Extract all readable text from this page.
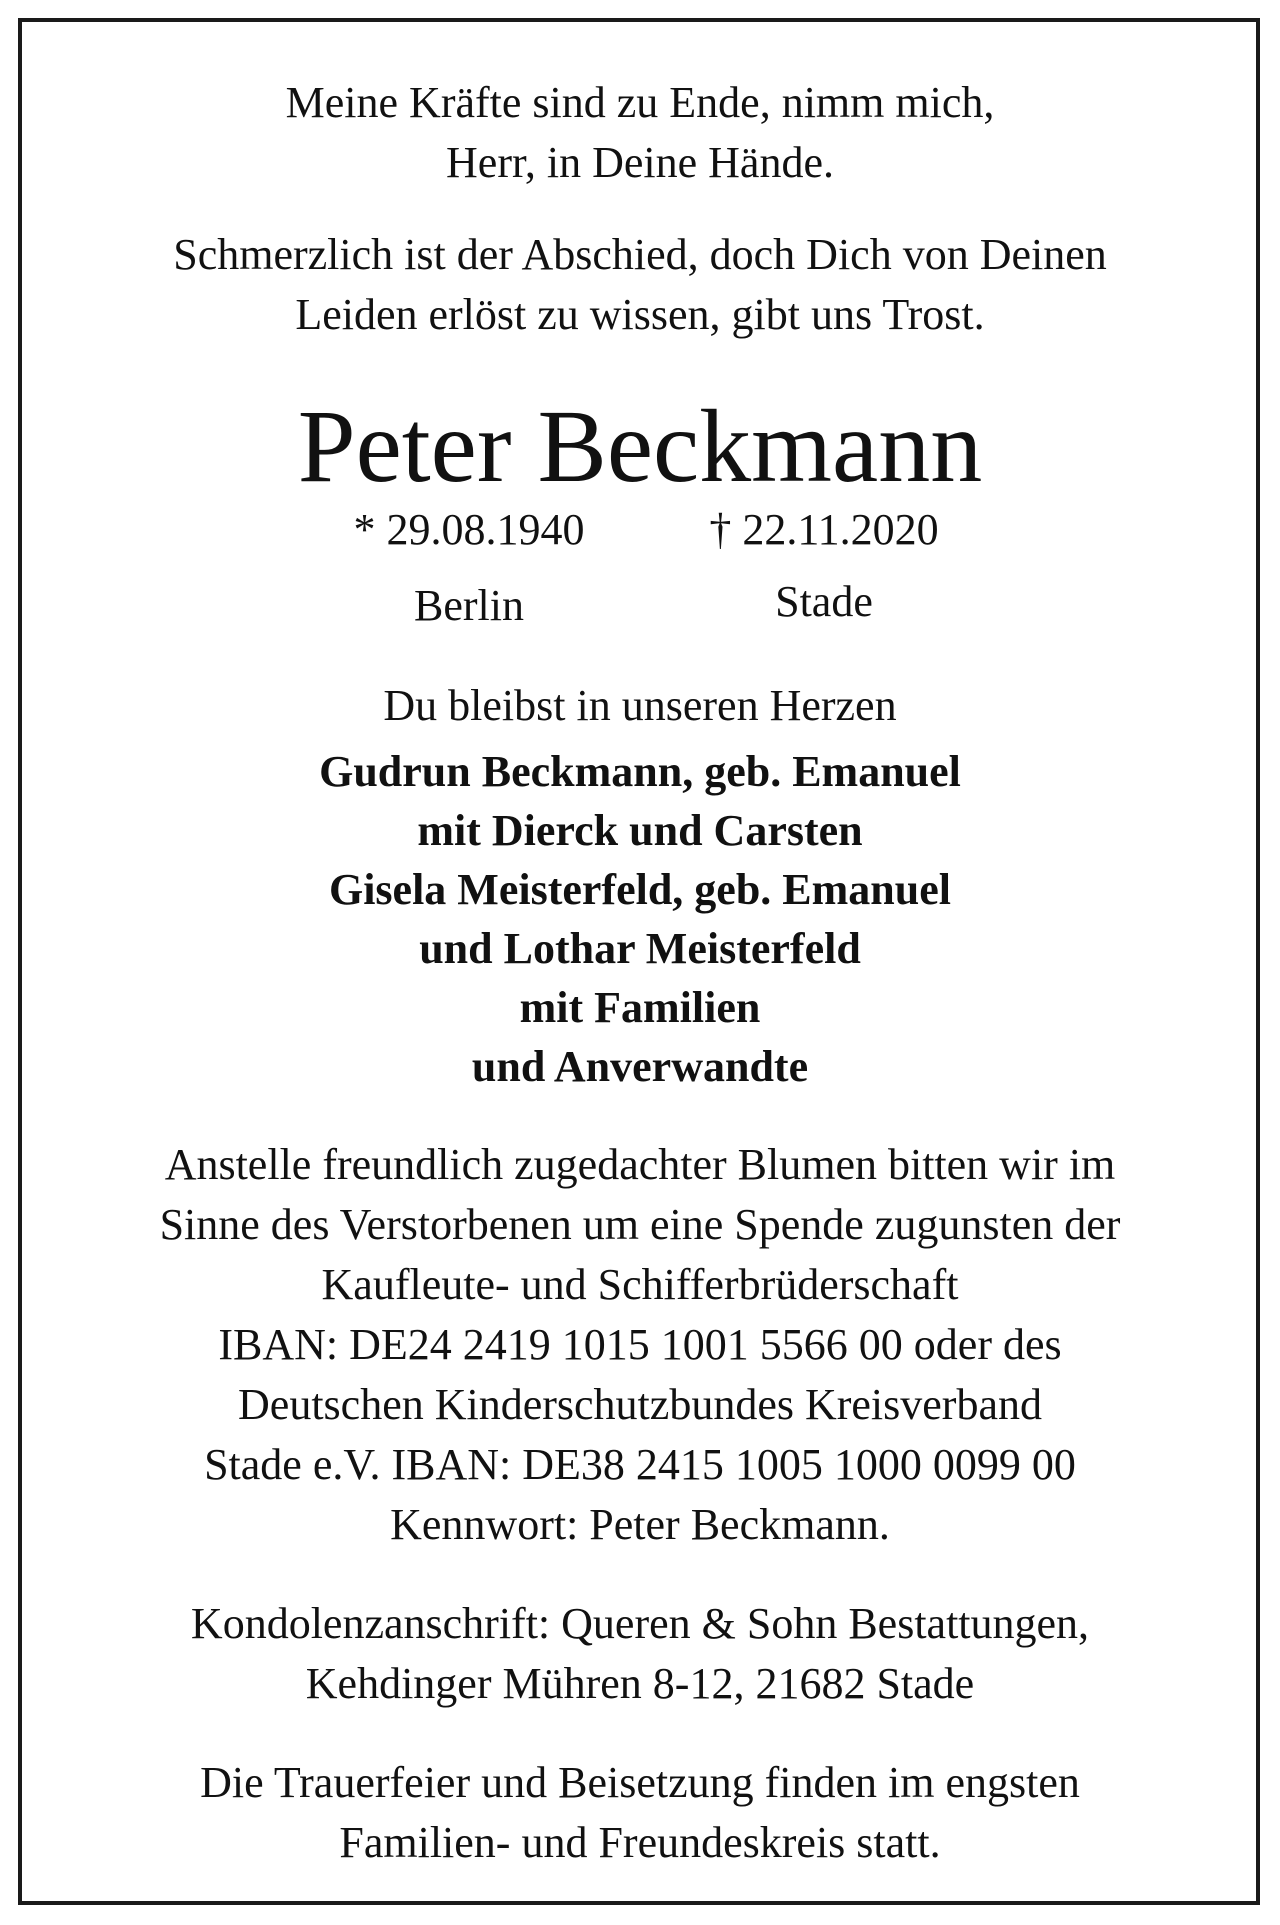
Meine Kräfte sind zu Ende, nimm mich,
Herr, in Deine Hände.
Schmerzlich ist der Abschied, doch Dich von Deinen
Leiden erlöst zu wissen, gibt uns Trost.
Peter Beckmann
* 29.08.1940
Berlin
† 22.11.2020
Stade
Du bleibst in unseren Herzen
Gudrun Beckmann, geb. Emanuel
mit Dierck und Carsten
Gisela Meisterfeld, geb. Emanuel
und Lothar Meisterfeld
mit Familien
und Anverwandte
Anstelle freundlich zugedachter Blumen bitten wir im
Sinne des Verstorbenen um eine Spende zugunsten der
Kaufleute- und Schifferbrüderschaft
IBAN: DE24 2419 1015 1001 5566 00 oder des
Deutschen Kinderschutzbundes Kreisverband
Stade e.V. IBAN: DE38 2415 1005 1000 0099 00
Kennwort: Peter Beckmann.
Kondolenzanschrift: Queren & Sohn Bestattungen,
Kehdinger Mühren 8-12, 21682 Stade
Die Trauerfeier und Beisetzung finden im engsten
Familien- und Freundeskreis statt.
